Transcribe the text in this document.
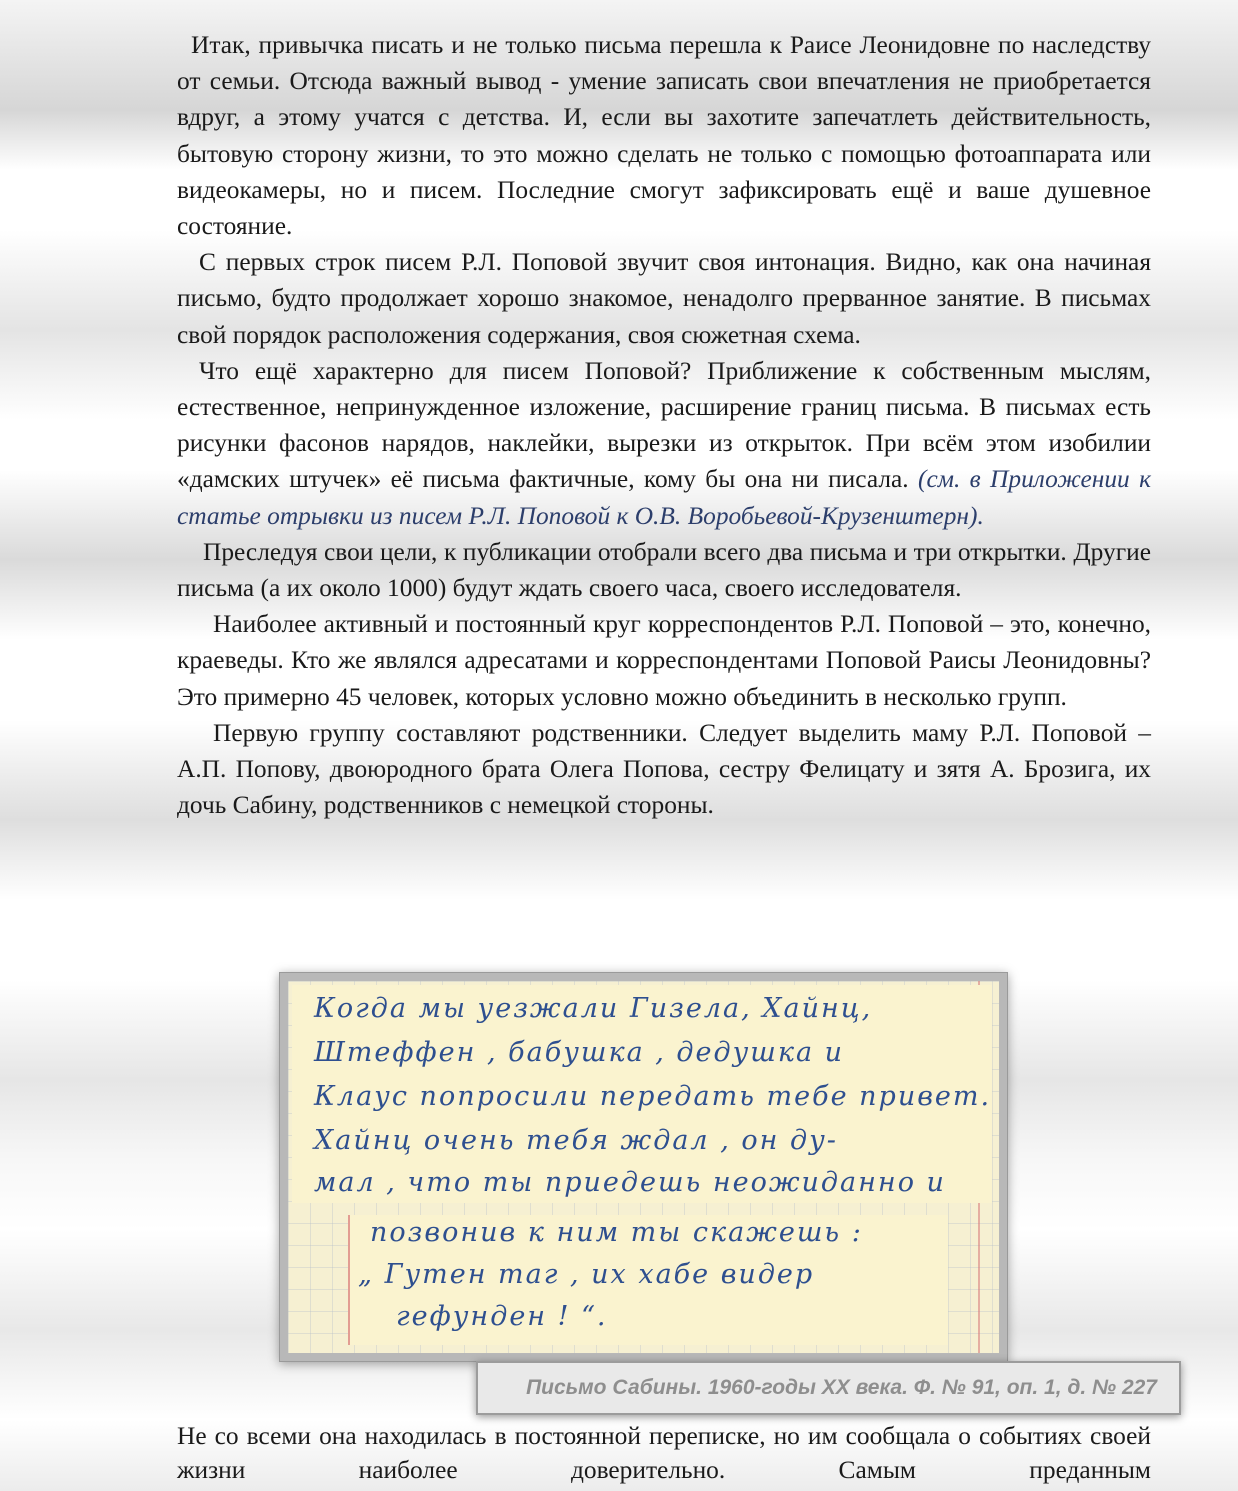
Итак, привычка писать и не только письма перешла к Раисе Леонидовне по наследству от семьи. Отсюда важный вывод - умение записать свои впечатления не приобретается вдруг, а этому учатся с детства. И, если вы захотите запечатлеть действительность, бытовую сторону жизни, то это можно сделать не только с помощью фотоаппарата или видеокамеры, но и писем. Последние смогут зафиксировать ещё и ваше душевное состояние.

С первых строк писем Р.Л. Поповой звучит своя интонация. Видно, как она начиная письмо, будто продолжает хорошо знакомое, ненадолго прерванное занятие. В письмах свой порядок расположения содержания, своя сюжетная схема.

Что ещё характерно для писем Поповой? Приближение к собственным мыслям, естественное, непринужденное изложение, расширение границ письма. В письмах есть рисунки фасонов нарядов, наклейки, вырезки из открыток. При всём этом изобилии «дамских штучек» её письма фактичные, кому бы она ни писала. (см. в Приложении к статье отрывки из писем Р.Л. Поповой к О.В. Воробьевой-Крузенштерн).

Преследуя свои цели, к публикации отобрали всего два письма и три открытки. Другие письма (а их около 1000) будут ждать своего часа, своего исследователя.

Наиболее активный и постоянный круг корреспондентов Р.Л. Поповой – это, конечно, краеведы. Кто же являлся адресатами и корреспондентами Поповой Раисы Леонидовны? Это примерно 45 человек, которых условно можно объединить в несколько групп.

Первую группу составляют родственники. Следует выделить маму Р.Л. Поповой – А.П. Попову, двоюродного брата Олега Попова, сестру Фелицату и зятя А. Брозига, их дочь Сабину, родственников с немецкой стороны.

Когда мы уезжали Гизела, Хайнц,
Штеффен , бабушка , дедушка и
Клаус попросили передать тебе привет.
Хайнц очень тебя ждал , он ду-
мал , что ты приедешь неожиданно и
позвонив к ним ты скажешь :
„ Гутен таг , их хабе видер
гефунден ! “.
Письмо Сабины. 1960-годы XX века. Ф. № 91, оп. 1, д. № 227

Не со всеми она находилась в постоянной переписке, но им сообщала о событиях своей жизни наиболее доверительно. Самым преданным
